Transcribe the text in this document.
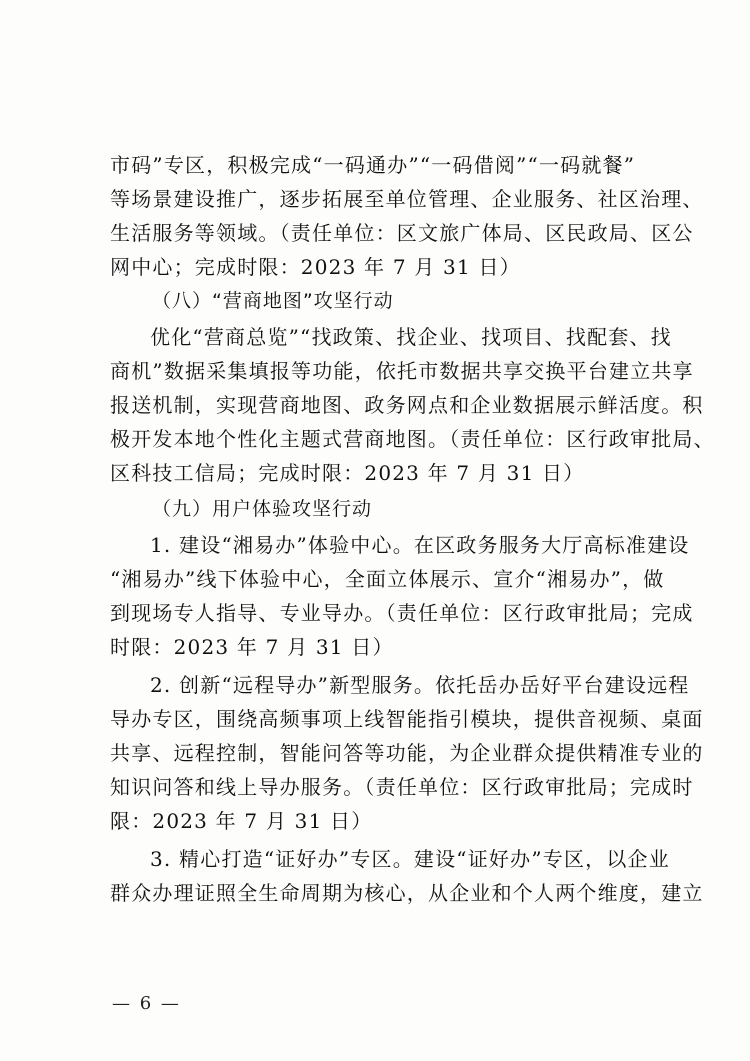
市码”专区，积极完成“一码通办”“一码借阅”“一码就餐”
等场景建设推广，逐步拓展至单位管理、企业服务、社区治理、
生活服务等领域。（责任单位：区文旅广体局、区民政局、区公
网中心；完成时限：2023 年 7 月 31 日）
（八）“营商地图”攻坚行动
优化“营商总览”“找政策、找企业、找项目、找配套、找
商机”数据采集填报等功能，依托市数据共享交换平台建立共享
报送机制，实现营商地图、政务网点和企业数据展示鲜活度。积
极开发本地个性化主题式营商地图。（责任单位：区行政审批局、
区科技工信局；完成时限：2023 年 7 月 31 日）
（九）用户体验攻坚行动
1. 建设“湘易办”体验中心。在区政务服务大厅高标准建设
“湘易办”线下体验中心，全面立体展示、宣介“湘易办”，做
到现场专人指导、专业导办。（责任单位：区行政审批局；完成
时限：2023 年 7 月 31 日）
2. 创新“远程导办”新型服务。依托岳办岳好平台建设远程
导办专区，围绕高频事项上线智能指引模块，提供音视频、桌面
共享、远程控制，智能问答等功能，为企业群众提供精准专业的
知识问答和线上导办服务。（责任单位：区行政审批局；完成时
限：2023 年 7 月 31 日）
3. 精心打造“证好办”专区。建设“证好办”专区，以企业
群众办理证照全生命周期为核心，从企业和个人两个维度，建立
— 6 —
